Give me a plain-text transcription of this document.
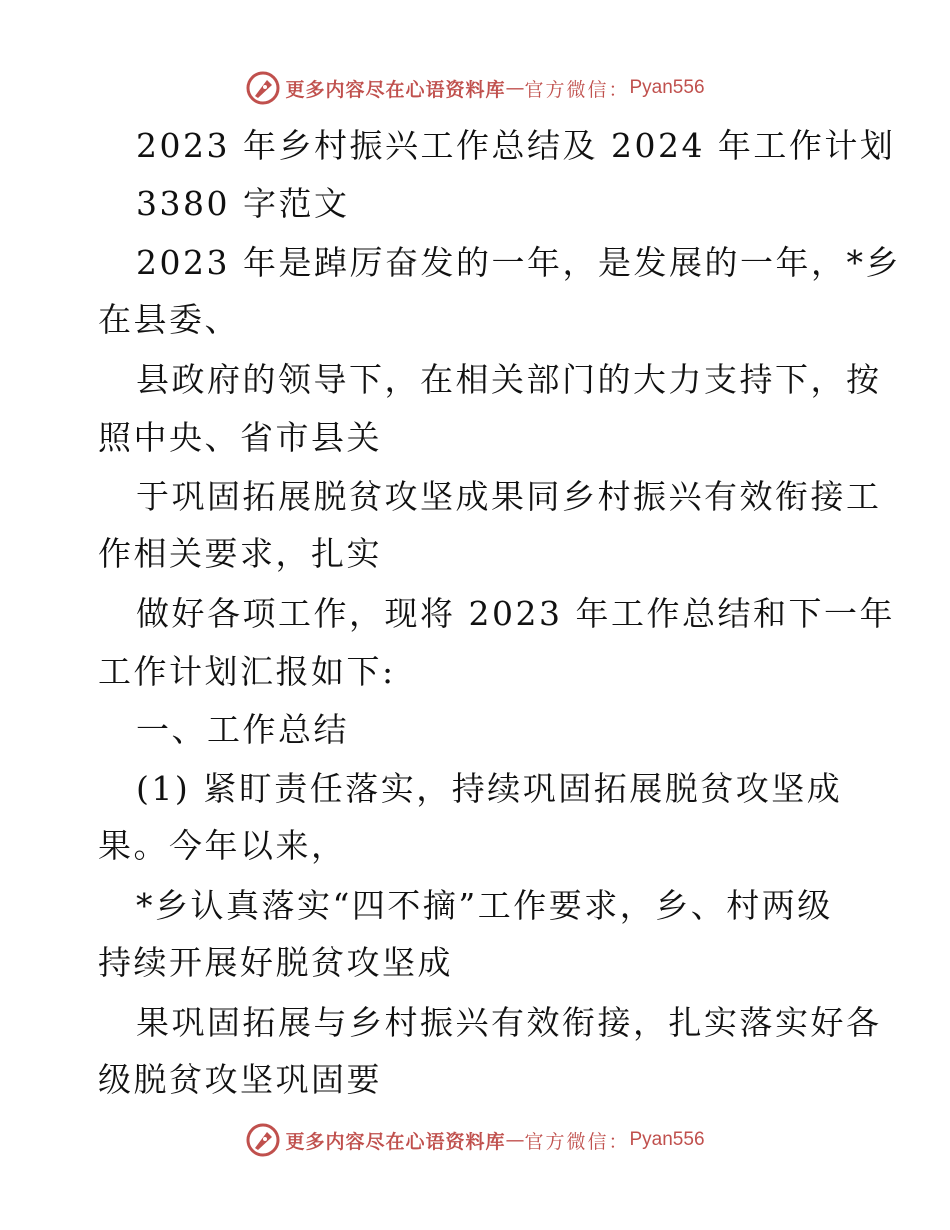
更多内容尽在心语资料库 — 官方微信： Pyan556
2023 年乡村振兴工作总结及 2024 年工作计划
3380 字范文
2023 年是踔厉奋发的一年，是发展的一年，*乡
在县委、
县政府的领导下，在相关部门的大力支持下，按
照中央、省市县关
于巩固拓展脱贫攻坚成果同乡村振兴有效衔接工
作相关要求，扎实
做好各项工作，现将 2023 年工作总结和下一年
工作计划汇报如下:
一、工作总结
(1) 紧盯责任落实，持续巩固拓展脱贫攻坚成
果。今年以来，
*乡认真落实“四不摘”工作要求，乡、村两级
持续开展好脱贫攻坚成
果巩固拓展与乡村振兴有效衔接，扎实落实好各
级脱贫攻坚巩固要
更多内容尽在心语资料库 — 官方微信： Pyan556
